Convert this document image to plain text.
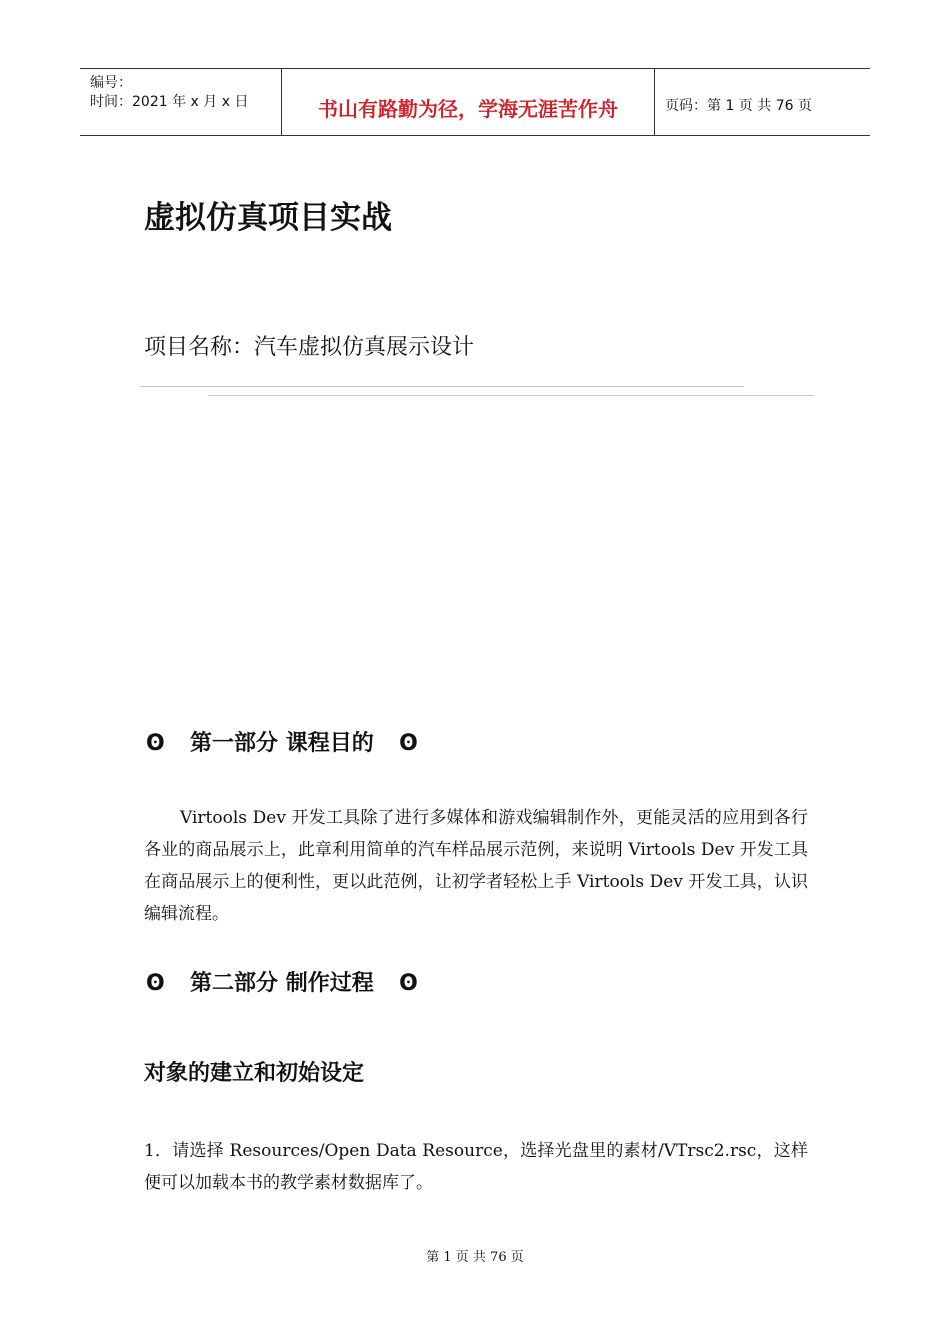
编号：
时间：2021 年 x 月 x 日	书山有路勤为径，学海无涯苦作舟	页码：第 1 页 共 76 页
虚拟仿真项目实战

项目名称：汽车虚拟仿真展示设计

ʘ 第一部分 课程目的 ʘ

Virtools Dev 开发工具除了进行多媒体和游戏编辑制作外，更能灵活的应用到各行各业的商品展示上，此章利用简单的汽车样品展示范例，来说明 Virtools Dev 开发工具在商品展示上的便利性，更以此范例，让初学者轻松上手 Virtools Dev 开发工具，认识编辑流程。

ʘ 第二部分 制作过程 ʘ
对象的建立和初始设定

1．请选择 Resources/Open Data Resource，选择光盘里的素材/VTrsc2.rsc，这样便可以加载本书的教学素材数据库了。

第 1 页 共 76 页
